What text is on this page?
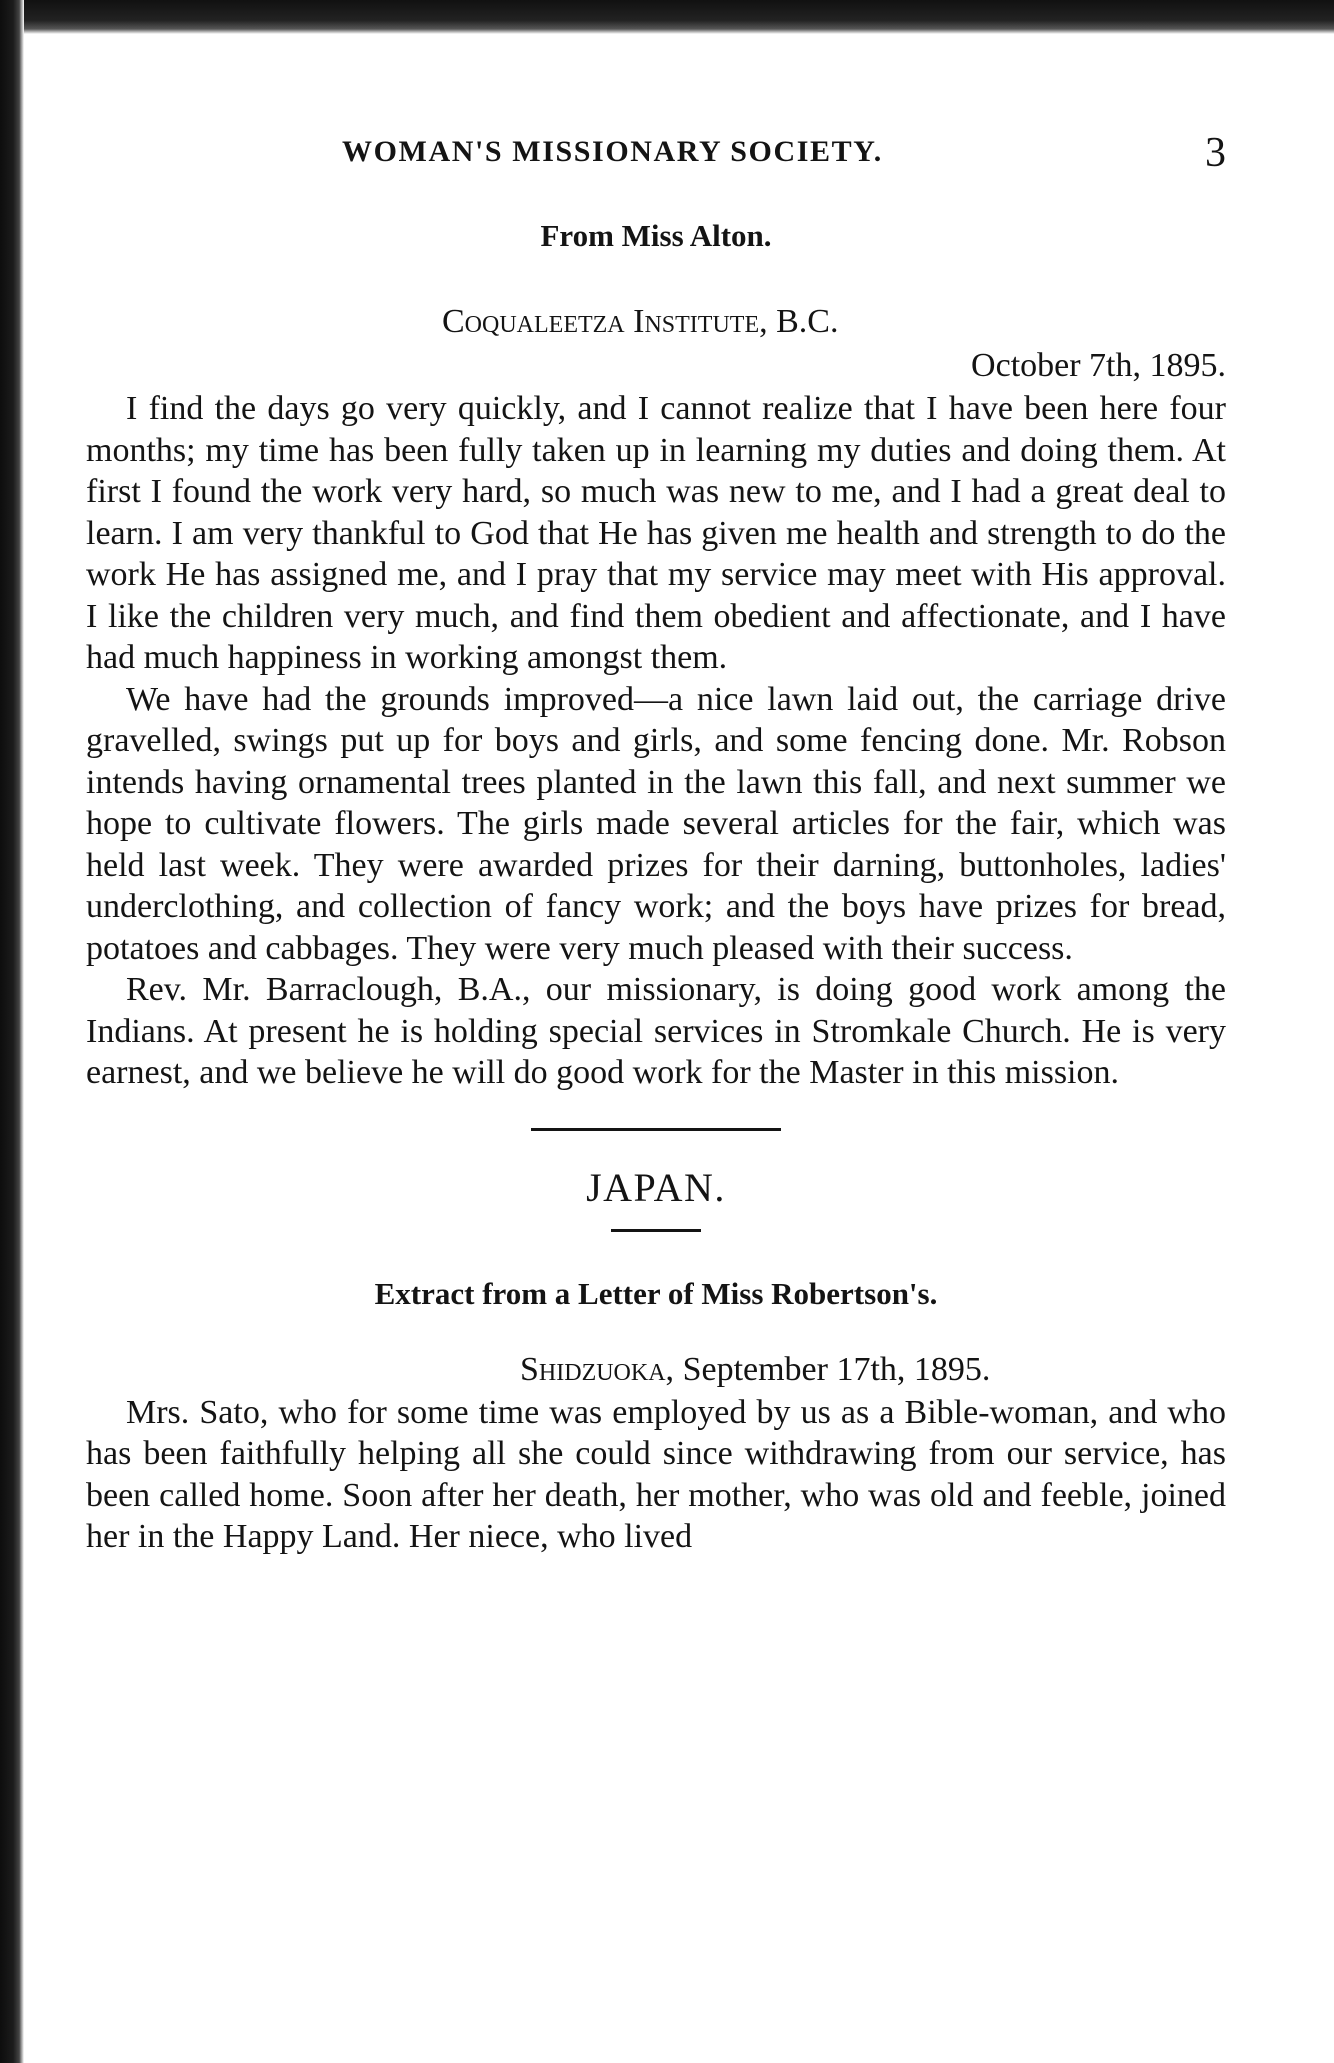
WOMAN'S MISSIONARY SOCIETY.	3

From Miss Alton.

Coqualeetza Institute, B.C.

October 7th, 1895.

I find the days go very quickly, and I cannot realize that I have been here four months; my time has been fully taken up in learning my duties and doing them. At first I found the work very hard, so much was new to me, and I had a great deal to learn. I am very thankful to God that He has given me health and strength to do the work He has assigned me, and I pray that my service may meet with His approval. I like the children very much, and find them obedient and affectionate, and I have had much happiness in working amongst them.

We have had the grounds improved—a nice lawn laid out, the carriage drive gravelled, swings put up for boys and girls, and some fencing done. Mr. Robson intends having ornamental trees planted in the lawn this fall, and next summer we hope to cultivate flowers. The girls made several articles for the fair, which was held last week. They were awarded prizes for their darning, buttonholes, ladies' underclothing, and collection of fancy work; and the boys have prizes for bread, potatoes and cabbages. They were very much pleased with their success.

Rev. Mr. Barraclough, B.A., our missionary, is doing good work among the Indians. At present he is holding special services in Stromkale Church. He is very earnest, and we believe he will do good work for the Master in this mission.

JAPAN.

Extract from a Letter of Miss Robertson's.

Shidzuoka, September 17th, 1895.

Mrs. Sato, who for some time was employed by us as a Bible-woman, and who has been faithfully helping all she could since withdrawing from our service, has been called home. Soon after her death, her mother, who was old and feeble, joined her in the Happy Land. Her niece, who lived
